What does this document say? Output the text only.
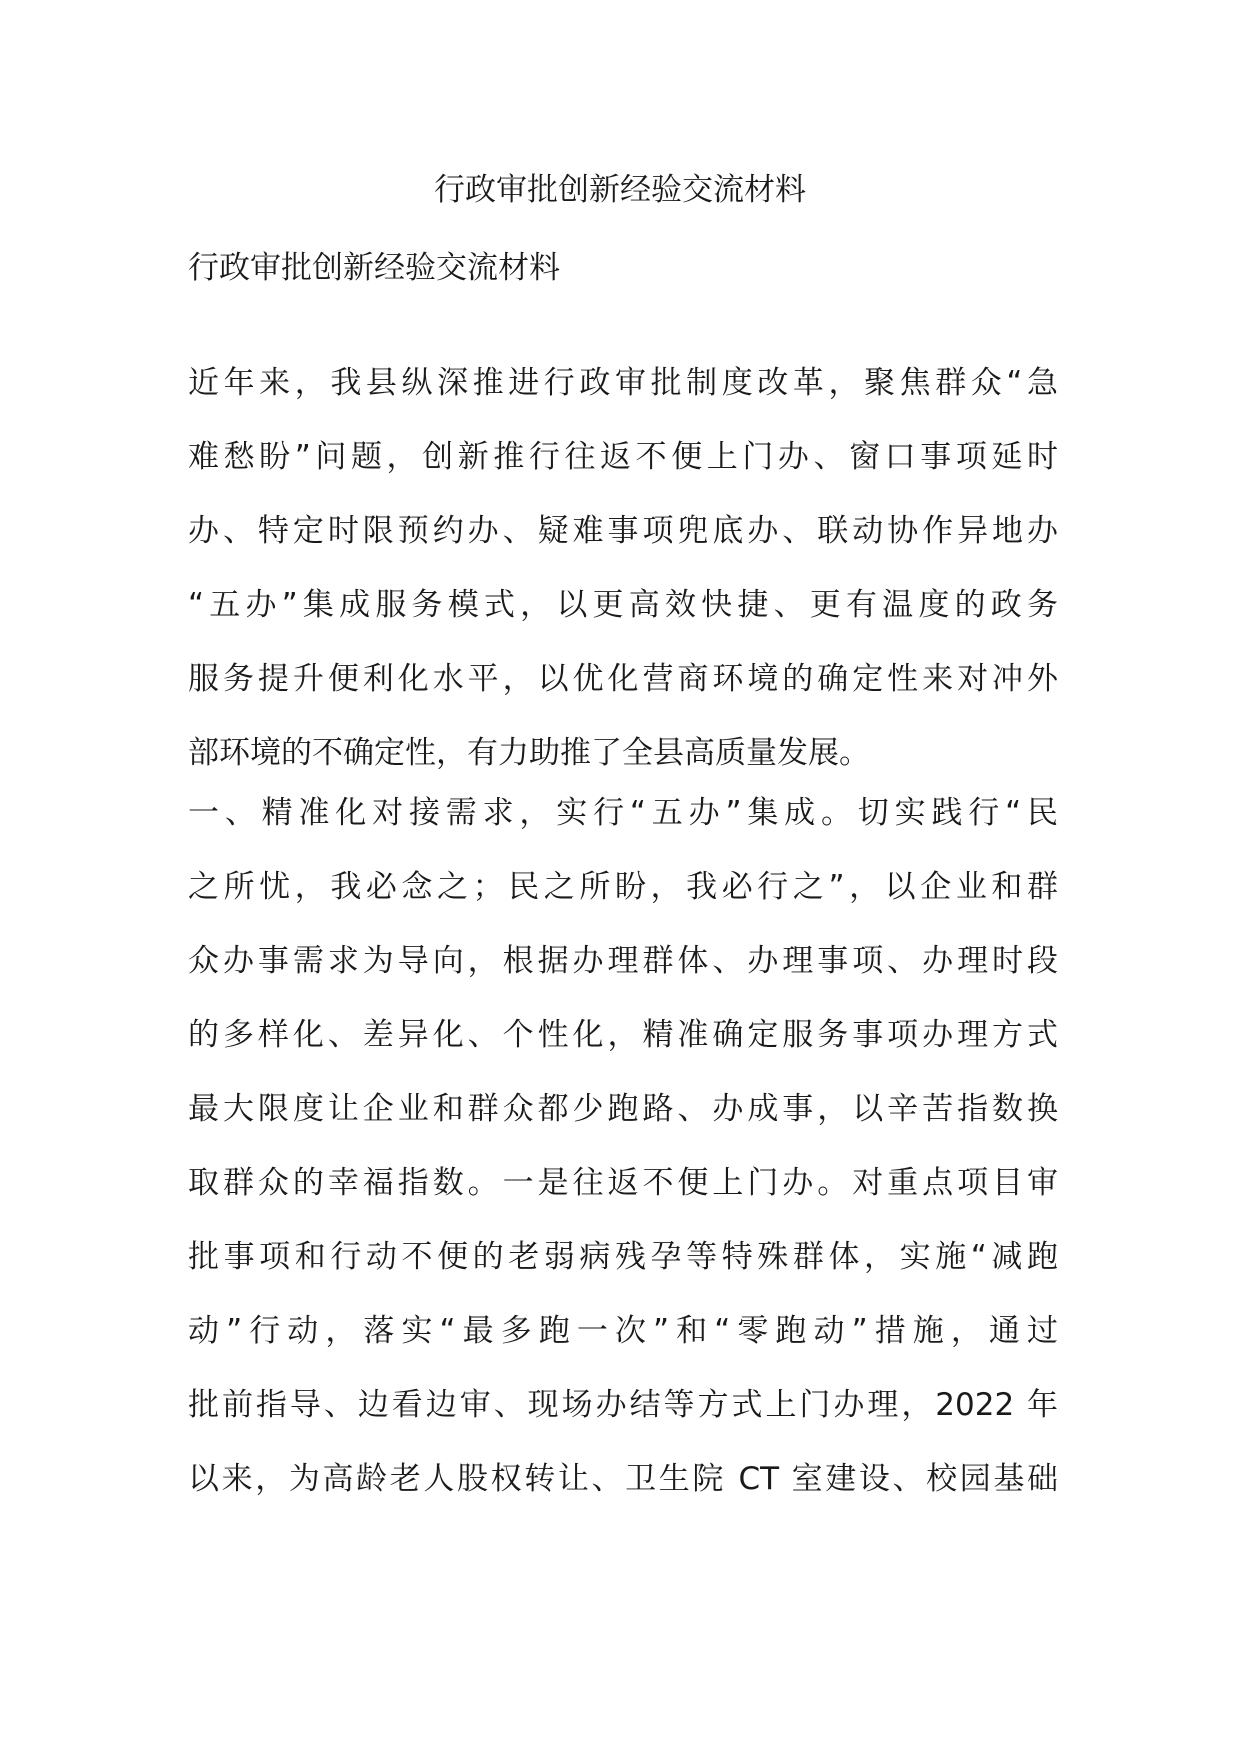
行政审批创新经验交流材料

行政审批创新经验交流材料

近年来，我县纵深推进行政审批制度改革，聚焦群众“急
难愁盼”问题，创新推行往返不便上门办、窗口事项延时
办、特定时限预约办、疑难事项兜底办、联动协作异地办
“五办”集成服务模式，以更高效快捷、更有温度的政务
服务提升便利化水平，以优化营商环境的确定性来对冲外
部环境的不确定性，有力助推了全县高质量发展。
一、精准化对接需求，实行“五办”集成。切实践行“民
之所忧，我必念之；民之所盼，我必行之”，以企业和群
众办事需求为导向，根据办理群体、办理事项、办理时段
的多样化、差异化、个性化，精准确定服务事项办理方式
最大限度让企业和群众都少跑路、办成事，以辛苦指数换
取群众的幸福指数。一是往返不便上门办。对重点项目审
批事项和行动不便的老弱病残孕等特殊群体，实施“减跑
动”行动，落实“最多跑一次”和“零跑动”措施，通过
批前指导、边看边审、现场办结等方式上门办理，2022 年
以来，为高龄老人股权转让、卫生院 CT 室建设、校园基础
